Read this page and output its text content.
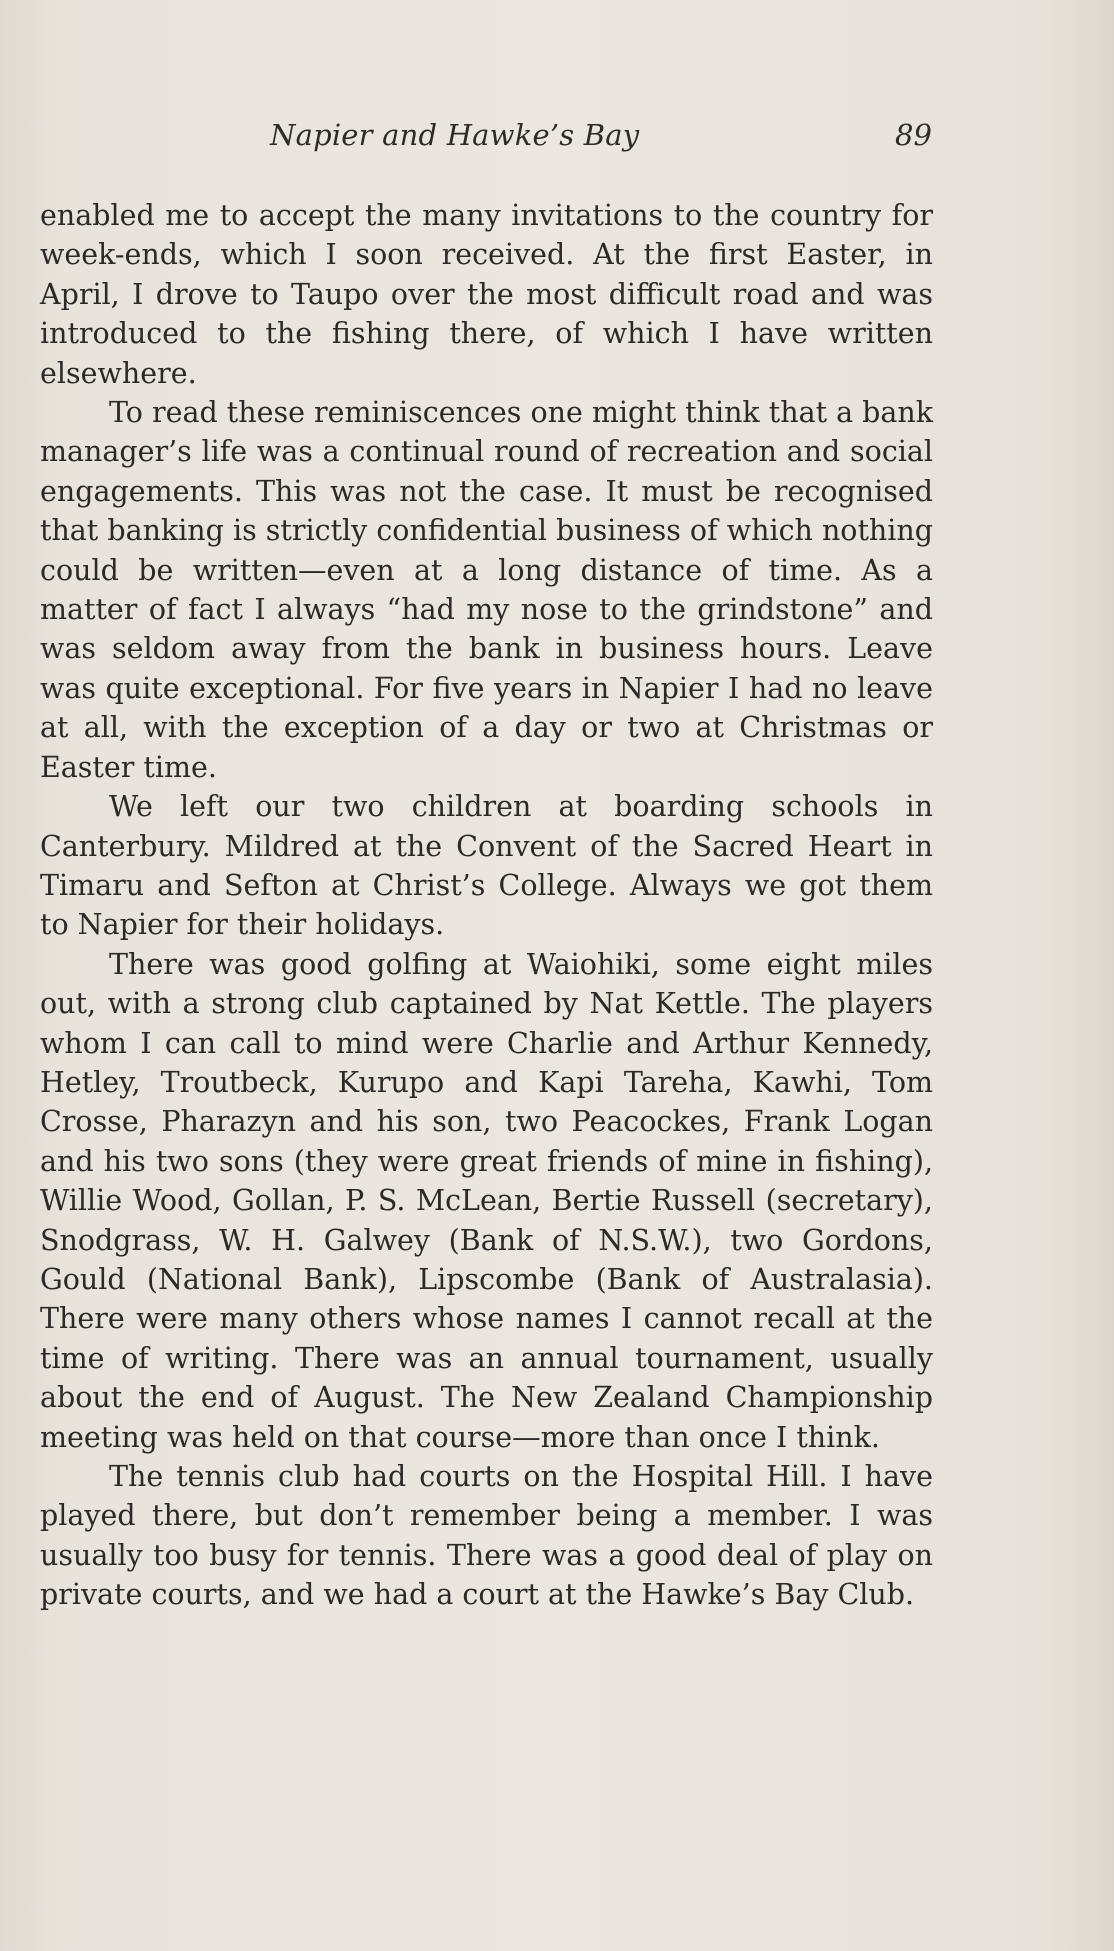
Napier and Hawke’s Bay	89

enabled me to accept the many invitations to the country for week-ends, which I soon received. At the first Easter, in April, I drove to Taupo over the most difficult road and was introduced to the fishing there, of which I have written elsewhere.

To read these reminiscences one might think that a bank manager’s life was a continual round of recreation and social engagements. This was not the case. It must be recognised that banking is strictly confidential business of which nothing could be written—even at a long distance of time. As a matter of fact I always “had my nose to the grindstone” and was seldom away from the bank in business hours. Leave was quite exceptional. For five years in Napier I had no leave at all, with the exception of a day or two at Christmas or Easter time.

We left our two children at boarding schools in Canterbury. Mildred at the Convent of the Sacred Heart in Timaru and Sefton at Christ’s College. Always we got them to Napier for their holidays.

There was good golfing at Waiohiki, some eight miles out, with a strong club captained by Nat Kettle. The players whom I can call to mind were Charlie and Arthur Kennedy, Hetley, Troutbeck, Kurupo and Kapi Tareha, Kawhi, Tom Crosse, Pharazyn and his son, two Peacockes, Frank Logan and his two sons (they were great friends of mine in fishing), Willie Wood, Gollan, P. S. McLean, Bertie Russell (secretary), Snodgrass, W. H. Galwey (Bank of N.S.W.), two Gordons, Gould (National Bank), Lipscombe (Bank of Australasia). There were many others whose names I cannot recall at the time of writing. There was an annual tournament, usually about the end of August. The New Zealand Championship meeting was held on that course—more than once I think.

The tennis club had courts on the Hospital Hill. I have played there, but don’t remember being a member. I was usually too busy for tennis. There was a good deal of play on private courts, and we had a court at the Hawke’s Bay Club.
